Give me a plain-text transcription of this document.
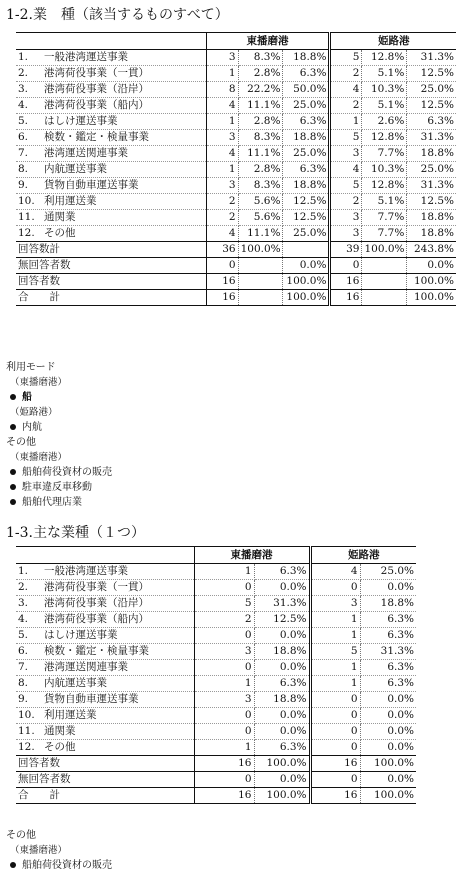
1-2.業　種（該当するものすべて）
	東播磨港			姫路港		
1. 一般港湾運送事業	3	8.3%	18.8%	5	12.8%	31.3%
2. 港湾荷役事業（一貫）	1	2.8%	6.3%	2	5.1%	12.5%
3. 港湾荷役事業（沿岸）	8	22.2%	50.0%	4	10.3%	25.0%
4. 港湾荷役事業（船内）	4	11.1%	25.0%	2	5.1%	12.5%
5. はしけ運送事業	1	2.8%	6.3%	1	2.6%	6.3%
6. 検数・鑑定・検量事業	3	8.3%	18.8%	5	12.8%	31.3%
7. 港湾運送関連事業	4	11.1%	25.0%	3	7.7%	18.8%
8. 内航運送事業	1	2.8%	6.3%	4	10.3%	25.0%
9. 貨物自動車運送事業	3	8.3%	18.8%	5	12.8%	31.3%
10. 利用運送業	2	5.6%	12.5%	2	5.1%	12.5%
11. 通関業	2	5.6%	12.5%	3	7.7%	18.8%
12. その他	4	11.1%	25.0%	3	7.7%	18.8%
回答数計	36	100.0%		39	100.0%	243.8%
無回答者数	0		0.0%	0		0.0%
回答者数	16		100.0%	16		100.0%
合　　計	16		100.0%	16		100.0%
利用モード
（東播磨港）
船
（姫路港）
内航
その他
（東播磨港）
船舶荷役資材の販売
駐車違反車移動
船舶代理店業
1-3.主な業種（１つ）
	東播磨港		姫路港	
1. 一般港湾運送事業	1	6.3%	4	25.0%
2. 港湾荷役事業（一貫）	0	0.0%	0	0.0%
3. 港湾荷役事業（沿岸）	5	31.3%	3	18.8%
4. 港湾荷役事業（船内）	2	12.5%	1	6.3%
5. はしけ運送事業	0	0.0%	1	6.3%
6. 検数・鑑定・検量事業	3	18.8%	5	31.3%
7. 港湾運送関連事業	0	0.0%	1	6.3%
8. 内航運送事業	1	6.3%	1	6.3%
9. 貨物自動車運送事業	3	18.8%	0	0.0%
10. 利用運送業	0	0.0%	0	0.0%
11. 通関業	0	0.0%	0	0.0%
12. その他	1	6.3%	0	0.0%
回答者数	16	100.0%	16	100.0%
無回答者数	0	0.0%	0	0.0%
合　　計	16	100.0%	16	100.0%
その他
（東播磨港）
船舶荷役資材の販売
